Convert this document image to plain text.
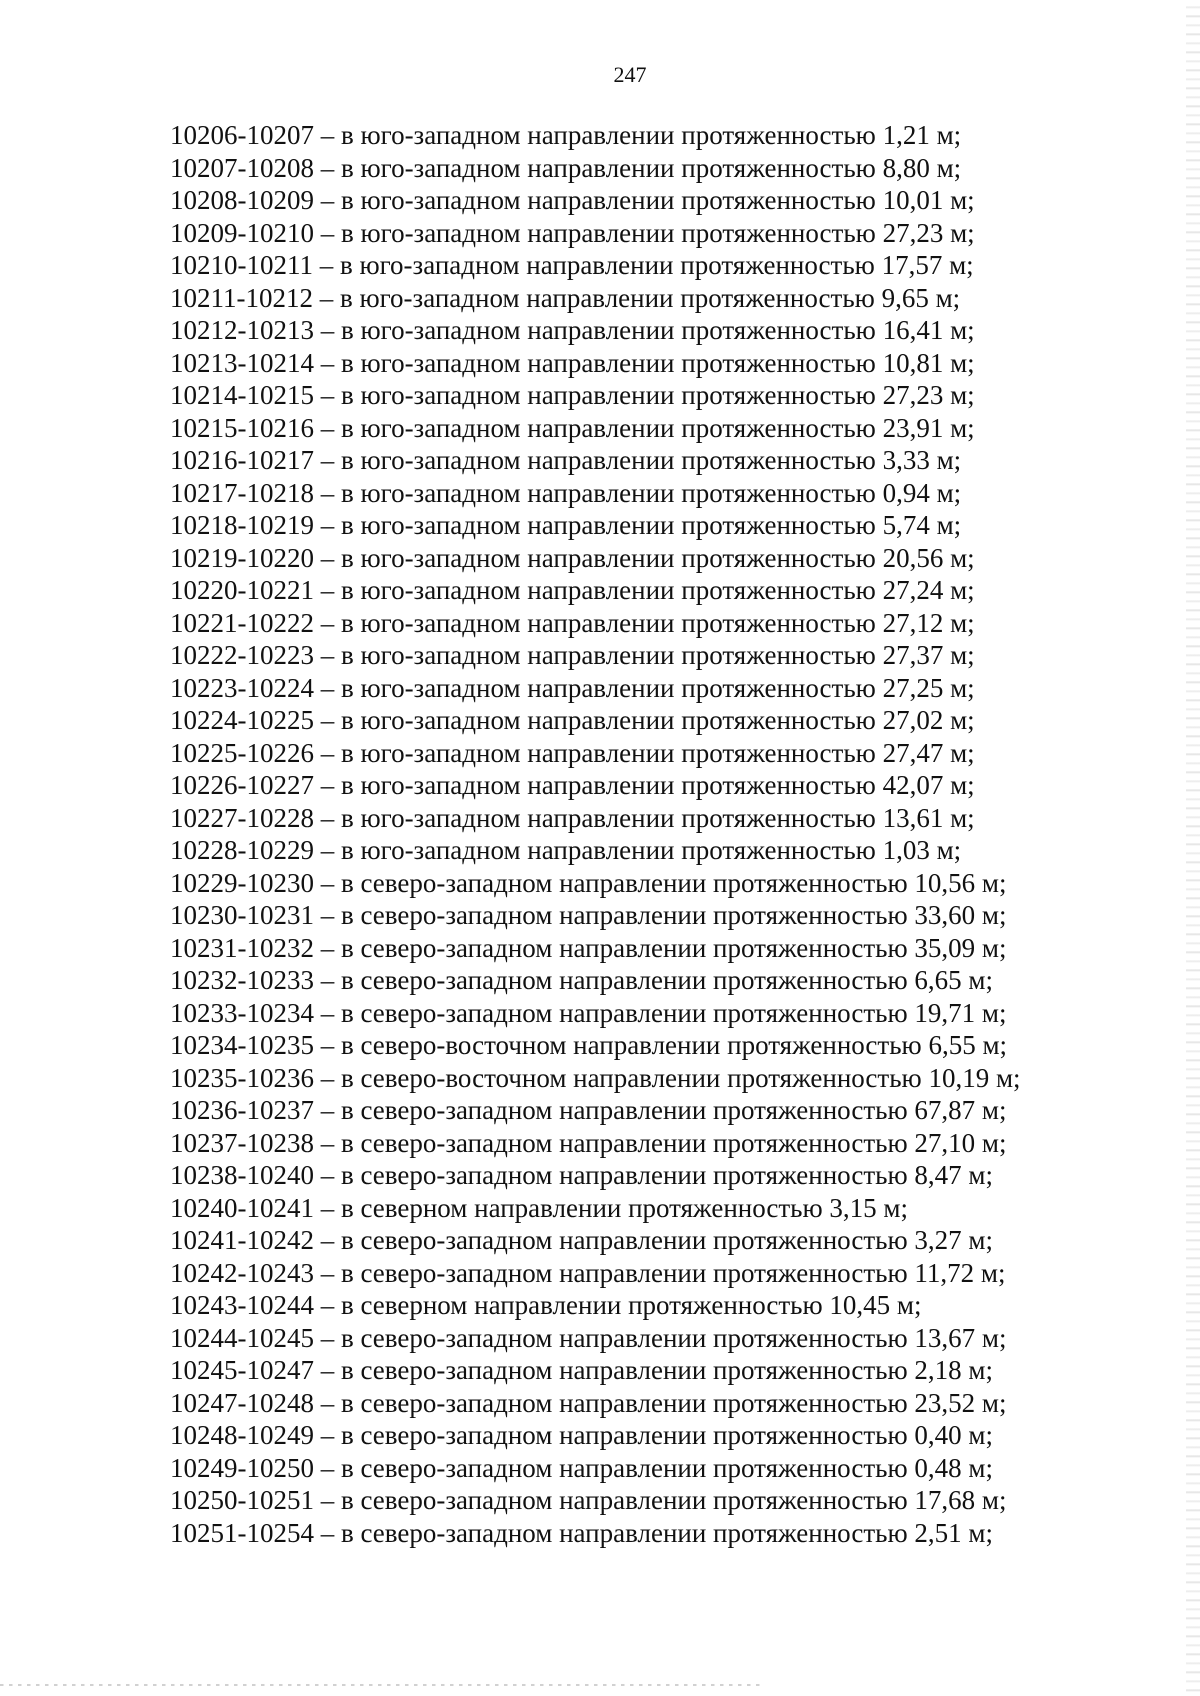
247
10206-10207 – в юго-западном направлении протяженностью 1,21 м;
10207-10208 – в юго-западном направлении протяженностью 8,80 м;
10208-10209 – в юго-западном направлении протяженностью 10,01 м;
10209-10210 – в юго-западном направлении протяженностью 27,23 м;
10210-10211 – в юго-западном направлении протяженностью 17,57 м;
10211-10212 – в юго-западном направлении протяженностью 9,65 м;
10212-10213 – в юго-западном направлении протяженностью 16,41 м;
10213-10214 – в юго-западном направлении протяженностью 10,81 м;
10214-10215 – в юго-западном направлении протяженностью 27,23 м;
10215-10216 – в юго-западном направлении протяженностью 23,91 м;
10216-10217 – в юго-западном направлении протяженностью 3,33 м;
10217-10218 – в юго-западном направлении протяженностью 0,94 м;
10218-10219 – в юго-западном направлении протяженностью 5,74 м;
10219-10220 – в юго-западном направлении протяженностью 20,56 м;
10220-10221 – в юго-западном направлении протяженностью 27,24 м;
10221-10222 – в юго-западном направлении протяженностью 27,12 м;
10222-10223 – в юго-западном направлении протяженностью 27,37 м;
10223-10224 – в юго-западном направлении протяженностью 27,25 м;
10224-10225 – в юго-западном направлении протяженностью 27,02 м;
10225-10226 – в юго-западном направлении протяженностью 27,47 м;
10226-10227 – в юго-западном направлении протяженностью 42,07 м;
10227-10228 – в юго-западном направлении протяженностью 13,61 м;
10228-10229 – в юго-западном направлении протяженностью 1,03 м;
10229-10230 – в северо-западном направлении протяженностью 10,56 м;
10230-10231 – в северо-западном направлении протяженностью 33,60 м;
10231-10232 – в северо-западном направлении протяженностью 35,09 м;
10232-10233 – в северо-западном направлении протяженностью 6,65 м;
10233-10234 – в северо-западном направлении протяженностью 19,71 м;
10234-10235 – в северо-восточном направлении протяженностью 6,55 м;
10235-10236 – в северо-восточном направлении протяженностью 10,19 м;
10236-10237 – в северо-западном направлении протяженностью 67,87 м;
10237-10238 – в северо-западном направлении протяженностью 27,10 м;
10238-10240 – в северо-западном направлении протяженностью 8,47 м;
10240-10241 – в северном направлении протяженностью 3,15 м;
10241-10242 – в северо-западном направлении протяженностью 3,27 м;
10242-10243 – в северо-западном направлении протяженностью 11,72 м;
10243-10244 – в северном направлении протяженностью 10,45 м;
10244-10245 – в северо-западном направлении протяженностью 13,67 м;
10245-10247 – в северо-западном направлении протяженностью 2,18 м;
10247-10248 – в северо-западном направлении протяженностью 23,52 м;
10248-10249 – в северо-западном направлении протяженностью 0,40 м;
10249-10250 – в северо-западном направлении протяженностью 0,48 м;
10250-10251 – в северо-западном направлении протяженностью 17,68 м;
10251-10254 – в северо-западном направлении протяженностью 2,51 м;
